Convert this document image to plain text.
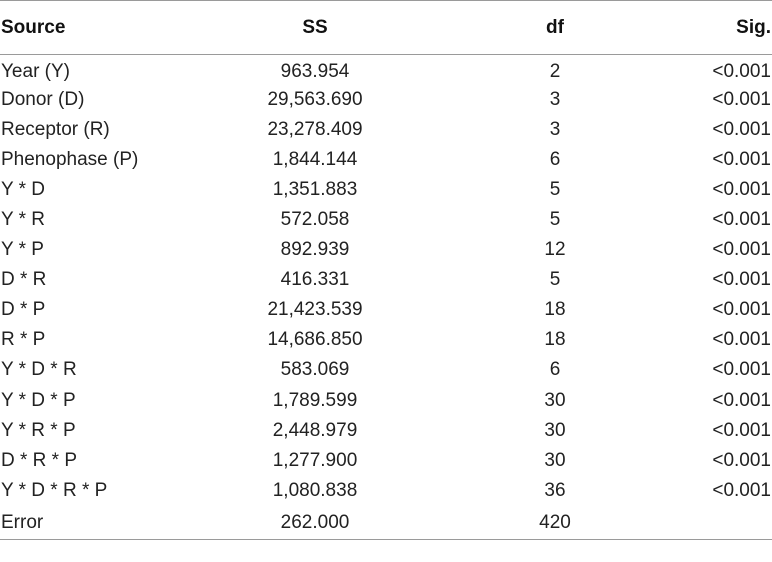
Source	SS	df	Sig.
Year (Y)	963.954	2	<0.001
Donor (D)	29,563.690	3	<0.001
Receptor (R)	23,278.409	3	<0.001
Phenophase (P)	1,844.144	6	<0.001
Y * D	1,351.883	5	<0.001
Y * R	572.058	5	<0.001
Y * P	892.939	12	<0.001
D * R	416.331	5	<0.001
D * P	21,423.539	18	<0.001
R * P	14,686.850	18	<0.001
Y * D * R	583.069	6	<0.001
Y * D * P	1,789.599	30	<0.001
Y * R * P	2,448.979	30	<0.001
D * R * P	1,277.900	30	<0.001
Y * D * R * P	1,080.838	36	<0.001
Error	262.000	420	
